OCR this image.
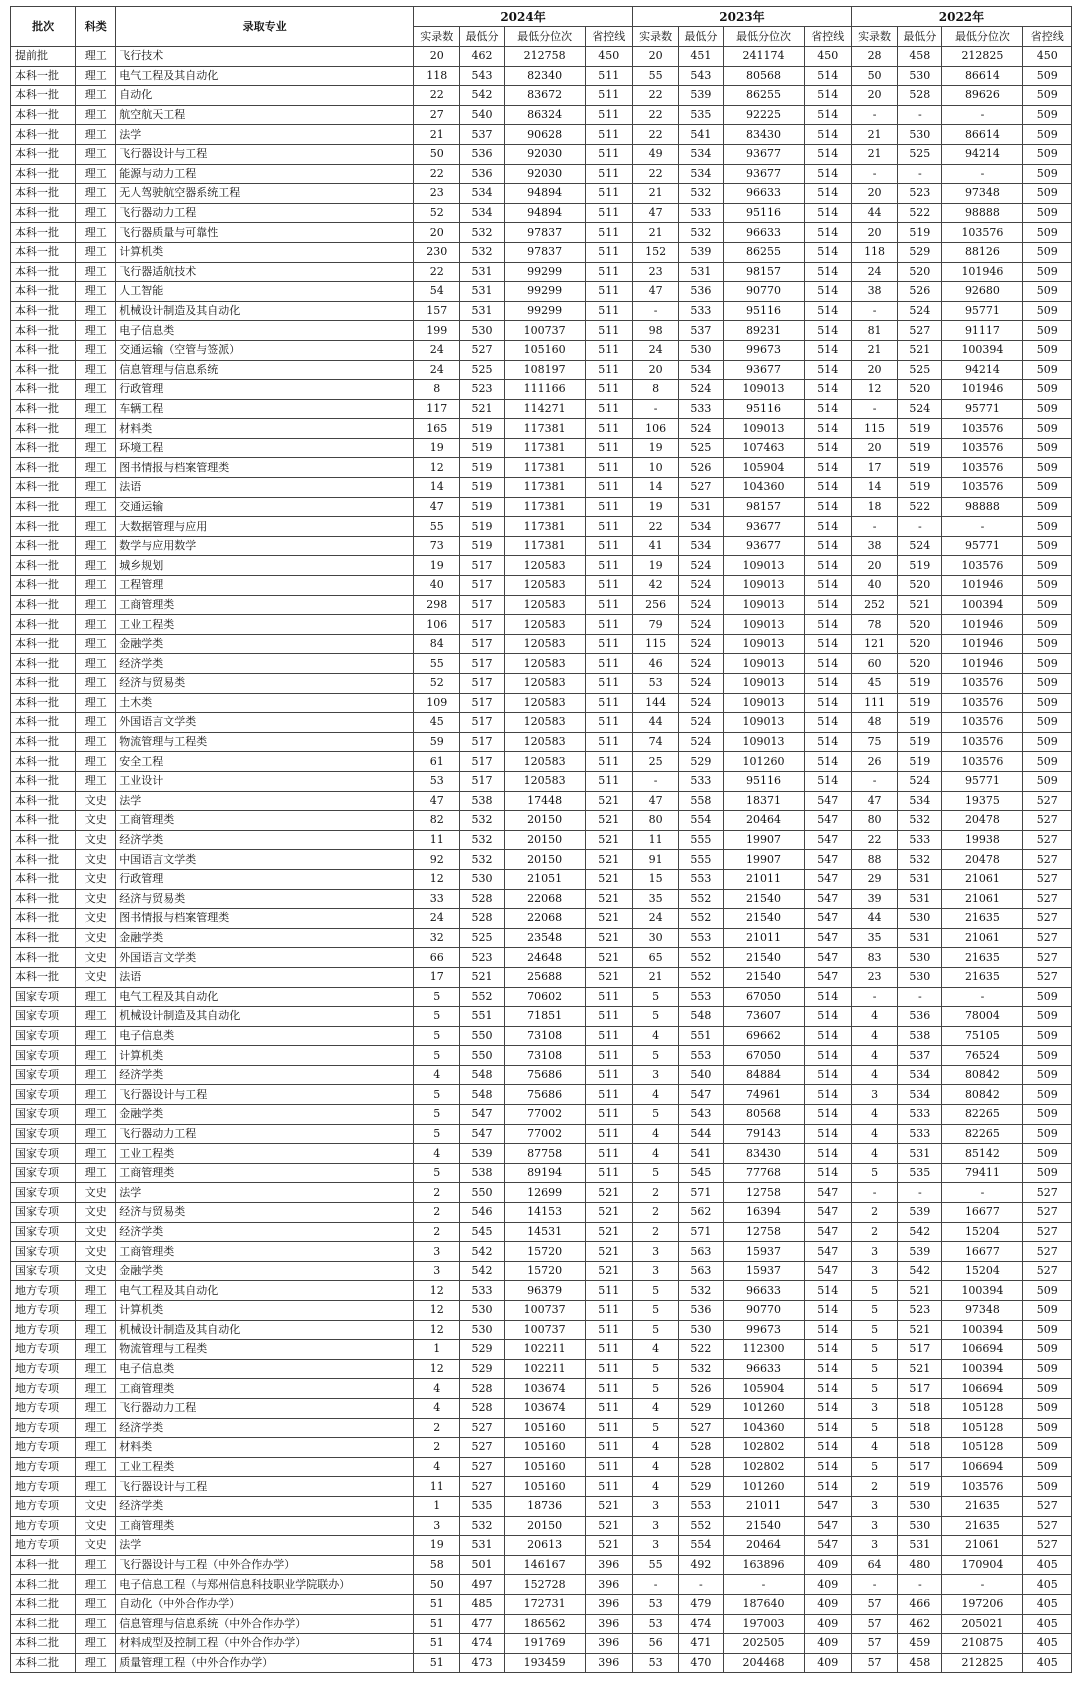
批次	科类	录取专业	2024年				2023年				2022年			
			实录数	最低分	最低分位次	省控线	实录数	最低分	最低分位次	省控线	实录数	最低分	最低分位次	省控线
提前批	理工	飞行技术	20	462	212758	450	20	451	241174	450	28	458	212825	450
本科一批	理工	电气工程及其自动化	118	543	82340	511	55	543	80568	514	50	530	86614	509
本科一批	理工	自动化	22	542	83672	511	22	539	86255	514	20	528	89626	509
本科一批	理工	航空航天工程	27	540	86324	511	22	535	92225	514	-	-	-	509
本科一批	理工	法学	21	537	90628	511	22	541	83430	514	21	530	86614	509
本科一批	理工	飞行器设计与工程	50	536	92030	511	49	534	93677	514	21	525	94214	509
本科一批	理工	能源与动力工程	22	536	92030	511	22	534	93677	514	-	-	-	509
本科一批	理工	无人驾驶航空器系统工程	23	534	94894	511	21	532	96633	514	20	523	97348	509
本科一批	理工	飞行器动力工程	52	534	94894	511	47	533	95116	514	44	522	98888	509
本科一批	理工	飞行器质量与可靠性	20	532	97837	511	21	532	96633	514	20	519	103576	509
本科一批	理工	计算机类	230	532	97837	511	152	539	86255	514	118	529	88126	509
本科一批	理工	飞行器适航技术	22	531	99299	511	23	531	98157	514	24	520	101946	509
本科一批	理工	人工智能	54	531	99299	511	47	536	90770	514	38	526	92680	509
本科一批	理工	机械设计制造及其自动化	157	531	99299	511	-	533	95116	514	-	524	95771	509
本科一批	理工	电子信息类	199	530	100737	511	98	537	89231	514	81	527	91117	509
本科一批	理工	交通运输（空管与签派）	24	527	105160	511	24	530	99673	514	21	521	100394	509
本科一批	理工	信息管理与信息系统	24	525	108197	511	20	534	93677	514	20	525	94214	509
本科一批	理工	行政管理	8	523	111166	511	8	524	109013	514	12	520	101946	509
本科一批	理工	车辆工程	117	521	114271	511	-	533	95116	514	-	524	95771	509
本科一批	理工	材料类	165	519	117381	511	106	524	109013	514	115	519	103576	509
本科一批	理工	环境工程	19	519	117381	511	19	525	107463	514	20	519	103576	509
本科一批	理工	图书情报与档案管理类	12	519	117381	511	10	526	105904	514	17	519	103576	509
本科一批	理工	法语	14	519	117381	511	14	527	104360	514	14	519	103576	509
本科一批	理工	交通运输	47	519	117381	511	19	531	98157	514	18	522	98888	509
本科一批	理工	大数据管理与应用	55	519	117381	511	22	534	93677	514	-	-	-	509
本科一批	理工	数学与应用数学	73	519	117381	511	41	534	93677	514	38	524	95771	509
本科一批	理工	城乡规划	19	517	120583	511	19	524	109013	514	20	519	103576	509
本科一批	理工	工程管理	40	517	120583	511	42	524	109013	514	40	520	101946	509
本科一批	理工	工商管理类	298	517	120583	511	256	524	109013	514	252	521	100394	509
本科一批	理工	工业工程类	106	517	120583	511	79	524	109013	514	78	520	101946	509
本科一批	理工	金融学类	84	517	120583	511	115	524	109013	514	121	520	101946	509
本科一批	理工	经济学类	55	517	120583	511	46	524	109013	514	60	520	101946	509
本科一批	理工	经济与贸易类	52	517	120583	511	53	524	109013	514	45	519	103576	509
本科一批	理工	土木类	109	517	120583	511	144	524	109013	514	111	519	103576	509
本科一批	理工	外国语言文学类	45	517	120583	511	44	524	109013	514	48	519	103576	509
本科一批	理工	物流管理与工程类	59	517	120583	511	74	524	109013	514	75	519	103576	509
本科一批	理工	安全工程	61	517	120583	511	25	529	101260	514	26	519	103576	509
本科一批	理工	工业设计	53	517	120583	511	-	533	95116	514	-	524	95771	509
本科一批	文史	法学	47	538	17448	521	47	558	18371	547	47	534	19375	527
本科一批	文史	工商管理类	82	532	20150	521	80	554	20464	547	80	532	20478	527
本科一批	文史	经济学类	11	532	20150	521	11	555	19907	547	22	533	19938	527
本科一批	文史	中国语言文学类	92	532	20150	521	91	555	19907	547	88	532	20478	527
本科一批	文史	行政管理	12	530	21051	521	15	553	21011	547	29	531	21061	527
本科一批	文史	经济与贸易类	33	528	22068	521	35	552	21540	547	39	531	21061	527
本科一批	文史	图书情报与档案管理类	24	528	22068	521	24	552	21540	547	44	530	21635	527
本科一批	文史	金融学类	32	525	23548	521	30	553	21011	547	35	531	21061	527
本科一批	文史	外国语言文学类	66	523	24648	521	65	552	21540	547	83	530	21635	527
本科一批	文史	法语	17	521	25688	521	21	552	21540	547	23	530	21635	527
国家专项	理工	电气工程及其自动化	5	552	70602	511	5	553	67050	514	-	-	-	509
国家专项	理工	机械设计制造及其自动化	5	551	71851	511	5	548	73607	514	4	536	78004	509
国家专项	理工	电子信息类	5	550	73108	511	4	551	69662	514	4	538	75105	509
国家专项	理工	计算机类	5	550	73108	511	5	553	67050	514	4	537	76524	509
国家专项	理工	经济学类	4	548	75686	511	3	540	84884	514	4	534	80842	509
国家专项	理工	飞行器设计与工程	5	548	75686	511	4	547	74961	514	3	534	80842	509
国家专项	理工	金融学类	5	547	77002	511	5	543	80568	514	4	533	82265	509
国家专项	理工	飞行器动力工程	5	547	77002	511	4	544	79143	514	4	533	82265	509
国家专项	理工	工业工程类	4	539	87758	511	4	541	83430	514	4	531	85142	509
国家专项	理工	工商管理类	5	538	89194	511	5	545	77768	514	5	535	79411	509
国家专项	文史	法学	2	550	12699	521	2	571	12758	547	-	-	-	527
国家专项	文史	经济与贸易类	2	546	14153	521	2	562	16394	547	2	539	16677	527
国家专项	文史	经济学类	2	545	14531	521	2	571	12758	547	2	542	15204	527
国家专项	文史	工商管理类	3	542	15720	521	3	563	15937	547	3	539	16677	527
国家专项	文史	金融学类	3	542	15720	521	3	563	15937	547	3	542	15204	527
地方专项	理工	电气工程及其自动化	12	533	96379	511	5	532	96633	514	5	521	100394	509
地方专项	理工	计算机类	12	530	100737	511	5	536	90770	514	5	523	97348	509
地方专项	理工	机械设计制造及其自动化	12	530	100737	511	5	530	99673	514	5	521	100394	509
地方专项	理工	物流管理与工程类	1	529	102211	511	4	522	112300	514	5	517	106694	509
地方专项	理工	电子信息类	12	529	102211	511	5	532	96633	514	5	521	100394	509
地方专项	理工	工商管理类	4	528	103674	511	5	526	105904	514	5	517	106694	509
地方专项	理工	飞行器动力工程	4	528	103674	511	4	529	101260	514	3	518	105128	509
地方专项	理工	经济学类	2	527	105160	511	5	527	104360	514	5	518	105128	509
地方专项	理工	材料类	2	527	105160	511	4	528	102802	514	4	518	105128	509
地方专项	理工	工业工程类	4	527	105160	511	4	528	102802	514	5	517	106694	509
地方专项	理工	飞行器设计与工程	11	527	105160	511	4	529	101260	514	2	519	103576	509
地方专项	文史	经济学类	1	535	18736	521	3	553	21011	547	3	530	21635	527
地方专项	文史	工商管理类	3	532	20150	521	3	552	21540	547	3	530	21635	527
地方专项	文史	法学	19	531	20613	521	3	554	20464	547	3	531	21061	527
本科一批	理工	飞行器设计与工程（中外合作办学）	58	501	146167	396	55	492	163896	409	64	480	170904	405
本科二批	理工	电子信息工程（与郑州信息科技职业学院联办）	50	497	152728	396	-	-	-	409	-	-	-	405
本科二批	理工	自动化（中外合作办学）	51	485	172731	396	53	479	187640	409	57	466	197206	405
本科二批	理工	信息管理与信息系统（中外合作办学）	51	477	186562	396	53	474	197003	409	57	462	205021	405
本科二批	理工	材料成型及控制工程（中外合作办学）	51	474	191769	396	56	471	202505	409	57	459	210875	405
本科二批	理工	质量管理工程（中外合作办学）	51	473	193459	396	53	470	204468	409	57	458	212825	405
